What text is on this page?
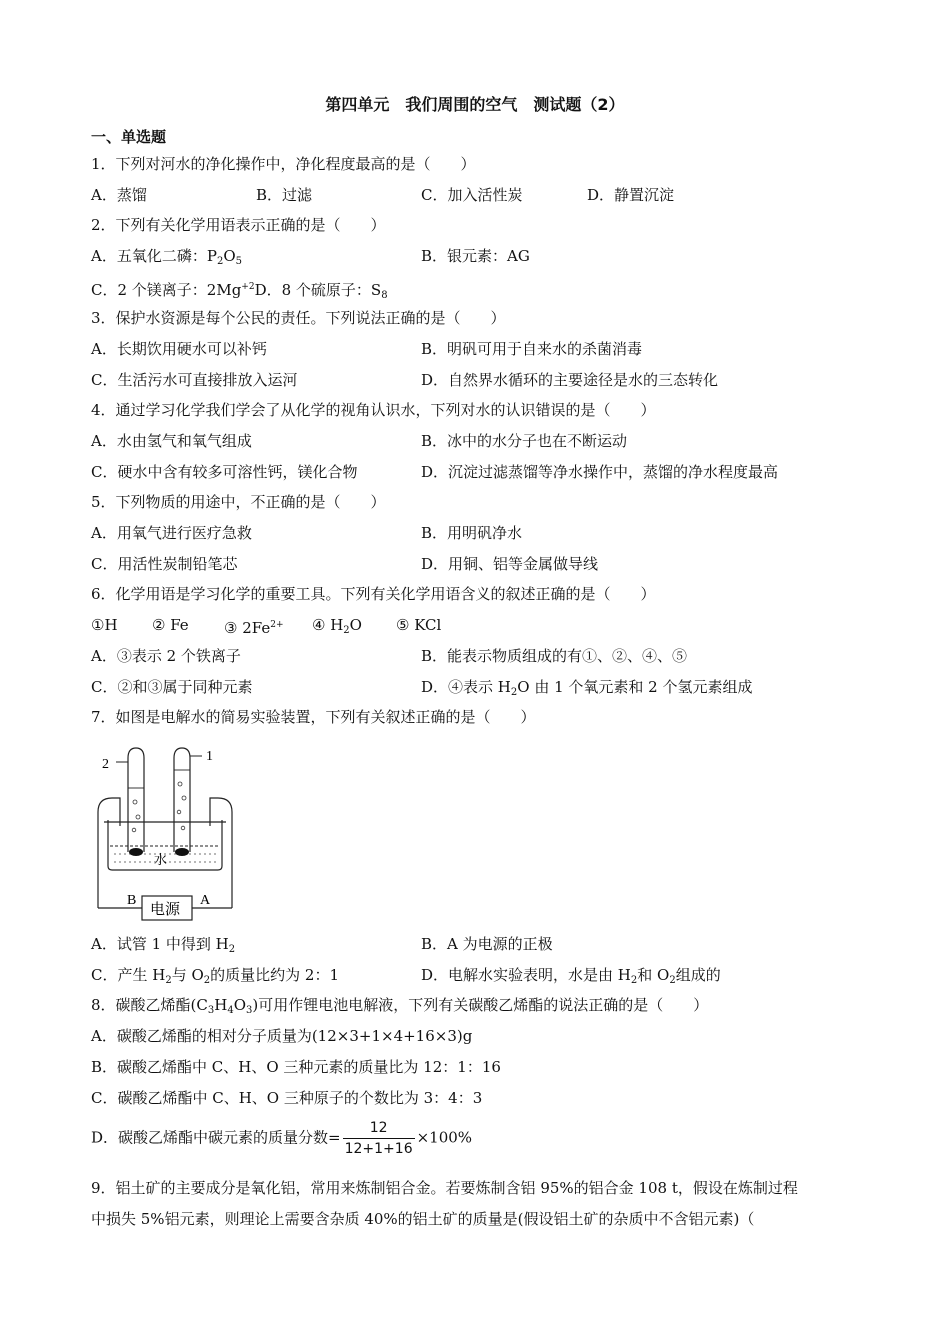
第四单元　我们周围的空气　测试题（2）
一、单选题
1．下列对河水的净化操作中，净化程度最高的是（　　）
A．蒸馏	B．过滤	C．加入活性炭	D．静置沉淀
2．下列有关化学用语表示正确的是（　　）
A．五氧化二磷：$P_2O_5$	B．银元素：AG
C．2 个镁离子：$2Mg^{+2}D$．8 个硫原子：$S_8$
3．保护水资源是每个公民的责任。下列说法正确的是（　　）
A．长期饮用硬水可以补钙	B．明矾可用于自来水的杀菌消毒
C．生活污水可直接排放入运河	D．自然界水循环的主要途径是水的三态转化
4．通过学习化学我们学会了从化学的视角认识水，下列对水的认识错误的是（　　）
A．水由氢气和氧气组成	B．冰中的水分子也在不断运动
C．硬水中含有较多可溶性钙，镁化合物	D．沉淀过滤蒸馏等净水操作中，蒸馏的净水程度最高
5．下列物质的用途中，不正确的是（　　）
A．用氧气进行医疗急救	B．用明矾净水
C．用活性炭制铅笔芯	D．用铜、铝等金属做导线
6．化学用语是学习化学的重要工具。下列有关化学用语含义的叙述正确的是（　　）
①H ② Fe ③ $2Fe^{2+}$ ④ $H_2O$ ⑤ KCl
A．③表示 2 个铁离子	B．能表示物质组成的有①、②、④、⑤
C．②和③属于同种元素	D．④表示 $H_2O$ 由 1 个氧元素和 2 个氢元素组成
7．如图是电解水的简易实验装置，下列有关叙述正确的是（　　）
2
1
水
B	A
电源
A．试管 1 中得到 $H_2$	B．A 为电源的正极
C．产生 $H_2$与 $O_2$的质量比约为 2：1	D．电解水实验表明，水是由 $H_2$和 $O_2$组成的
8．碳酸乙烯酯$(C_3H_4O_3)$可用作锂电池电解液，下列有关碳酸乙烯酯的说法正确的是（　　）
A．碳酸乙烯酯的相对分子质量为(12×3+1×4+16×3)g
B．碳酸乙烯酯中 C、H、O 三种元素的质量比为 12：1：16
C．碳酸乙烯酯中 C、H、O 三种原子的个数比为 3：4：3
D．碳酸乙烯酯中碳元素的质量分数= $\frac{12}{12+1+16} \times 100\%$
9．铝土矿的主要成分是氧化铝，常用来炼制铝合金。若要炼制含铝 95%的铝合金 108 t，假设在炼制过程
中损失 5%铝元素，则理论上需要含杂质 40%的铝土矿的质量是(假设铝土矿的杂质中不含铝元素)（
